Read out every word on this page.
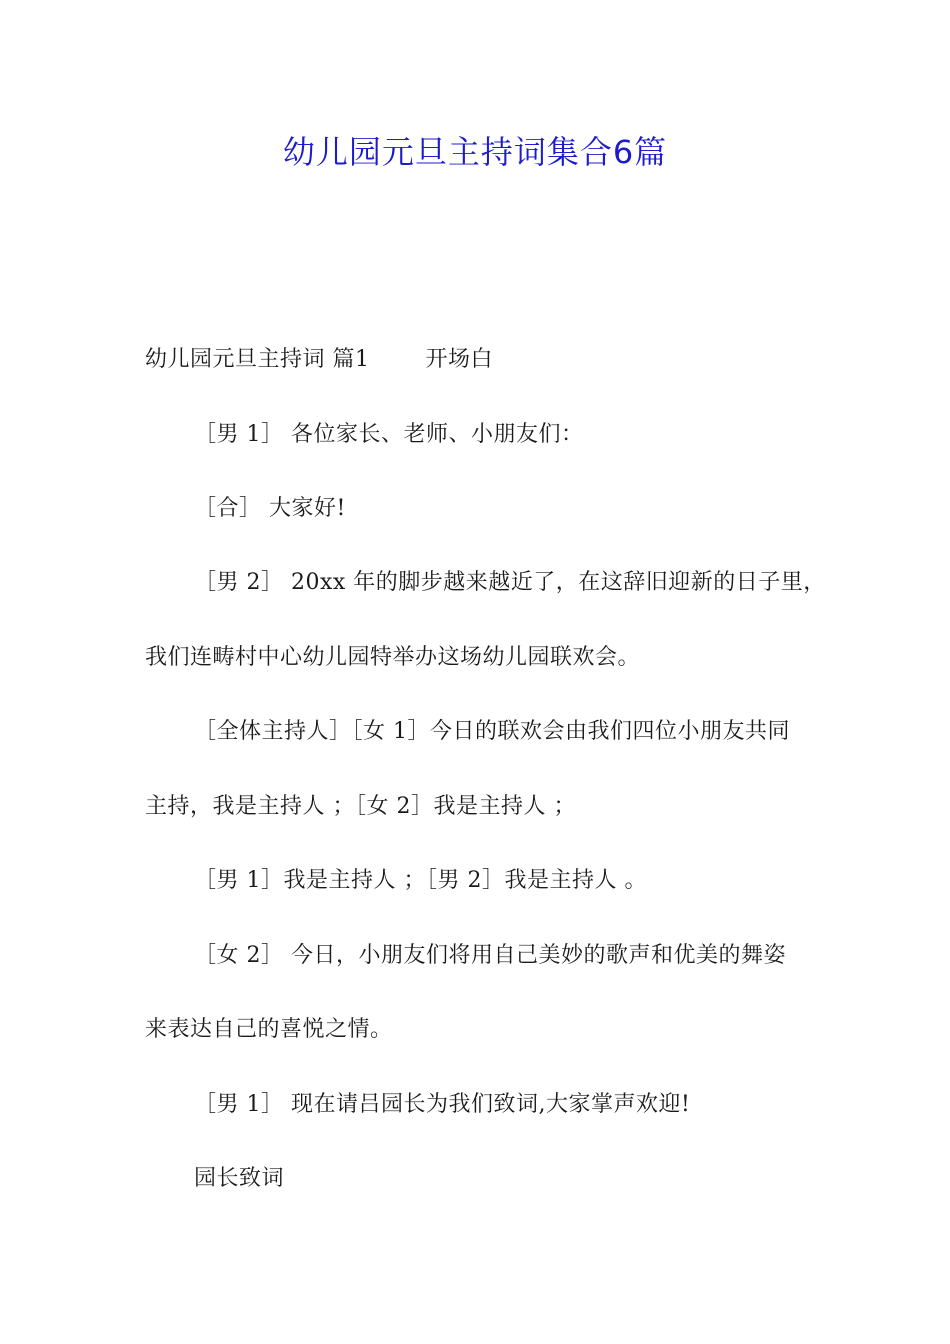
幼儿园元旦主持词集合6篇
幼儿园元旦主持词 篇1	开场白
［男 1］ 各位家长、老师、小朋友们：
［合］ 大家好!
［男 2］ 20xx 年的脚步越来越近了，在这辞旧迎新的日子里，
我们连畴村中心幼儿园特举办这场幼儿园联欢会。
［全体主持人］［女 1］今日的联欢会由我们四位小朋友共同
主持，我是主持人 ；［女 2］我是主持人 ；
［男 1］我是主持人 ；［男 2］我是主持人 。
［女 2］ 今日，小朋友们将用自己美妙的歌声和优美的舞姿
来表达自己的喜悦之情。
［男 1］ 现在请吕园长为我们致词,大家掌声欢迎!
园长致词
